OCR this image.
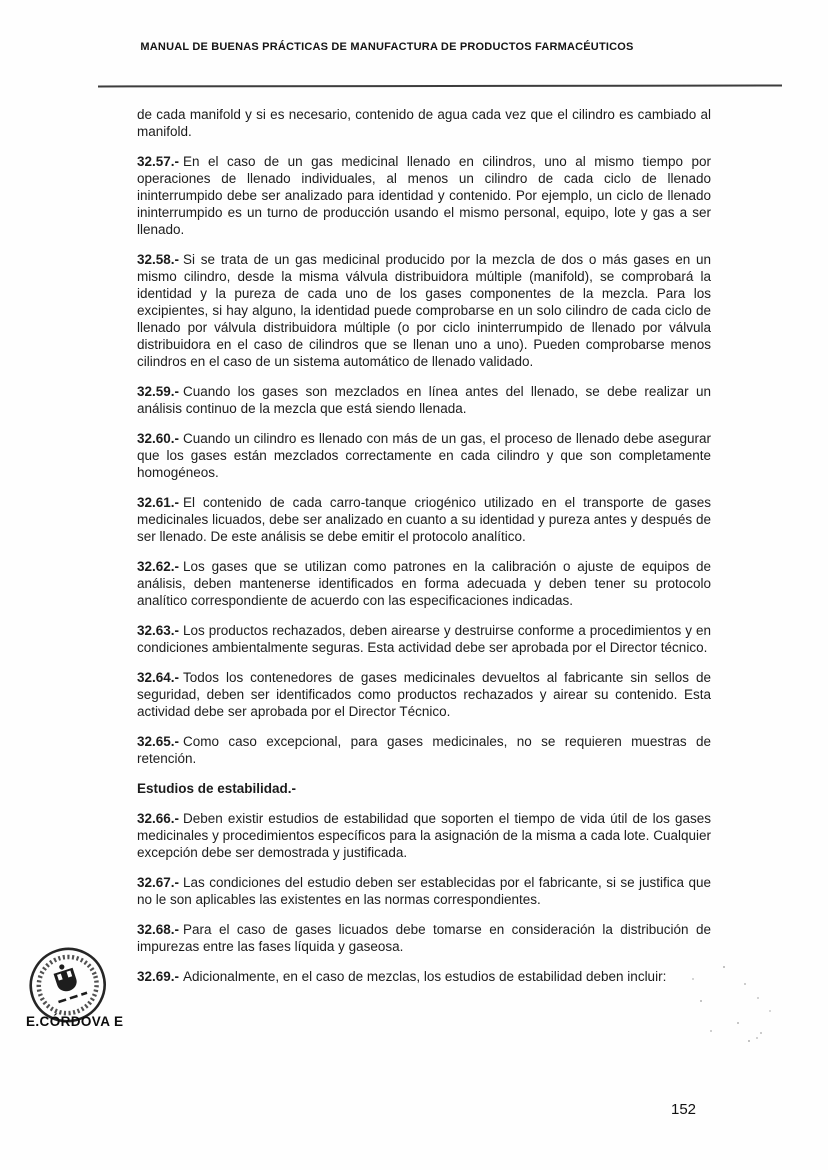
MANUAL DE BUENAS PRÁCTICAS DE MANUFACTURA DE PRODUCTOS FARMACÉUTICOS

de cada manifold y si es necesario, contenido de agua cada vez que el cilindro es cambiado al manifold.

32.57.- En el caso de un gas medicinal llenado en cilindros, uno al mismo tiempo por operaciones de llenado individuales, al menos un cilindro de cada ciclo de llenado ininterrumpido debe ser analizado para identidad y contenido. Por ejemplo, un ciclo de llenado ininterrumpido es un turno de producción usando el mismo personal, equipo, lote y gas a ser llenado.

32.58.- Si se trata de un gas medicinal producido por la mezcla de dos o más gases en un mismo cilindro, desde la misma válvula distribuidora múltiple (manifold), se comprobará la identidad y la pureza de cada uno de los gases componentes de la mezcla. Para los excipientes, si hay alguno, la identidad puede comprobarse en un solo cilindro de cada ciclo de llenado por válvula distribuidora múltiple (o por ciclo ininterrumpido de llenado por válvula distribuidora en el caso de cilindros que se llenan uno a uno). Pueden comprobarse menos cilindros en el caso de un sistema automático de llenado validado.

32.59.- Cuando los gases son mezclados en línea antes del llenado, se debe realizar un análisis continuo de la mezcla que está siendo llenada.

32.60.- Cuando un cilindro es llenado con más de un gas, el proceso de llenado debe asegurar que los gases están mezclados correctamente en cada cilindro y que son completamente homogéneos.

32.61.- El contenido de cada carro-tanque criogénico utilizado en el transporte de gases medicinales licuados, debe ser analizado en cuanto a su identidad y pureza antes y después de ser llenado. De este análisis se debe emitir el protocolo analítico.

32.62.- Los gases que se utilizan como patrones en la calibración o ajuste de equipos de análisis, deben mantenerse identificados en forma adecuada y deben tener su protocolo analítico correspondiente de acuerdo con las especificaciones indicadas.

32.63.- Los productos rechazados, deben airearse y destruirse conforme a procedimientos y en condiciones ambientalmente seguras. Esta actividad debe ser aprobada por el Director técnico.

32.64.- Todos los contenedores de gases medicinales devueltos al fabricante sin sellos de seguridad, deben ser identificados como productos rechazados y airear su contenido. Esta actividad debe ser aprobada por el Director Técnico.

32.65.- Como caso excepcional, para gases medicinales, no se requieren muestras de retención.

Estudios de estabilidad.-

32.66.- Deben existir estudios de estabilidad que soporten el tiempo de vida útil de los gases medicinales y procedimientos específicos para la asignación de la misma a cada lote. Cualquier excepción debe ser demostrada y justificada.

32.67.- Las condiciones del estudio deben ser establecidas por el fabricante, si se justifica que no le son aplicables las existentes en las normas correspondientes.

32.68.- Para el caso de gases licuados debe tomarse en consideración la distribución de impurezas entre las fases líquida y gaseosa.

32.69.- Adicionalmente, en el caso de mezclas, los estudios de estabilidad deben incluir:

E.CÓRDOVA E
152
